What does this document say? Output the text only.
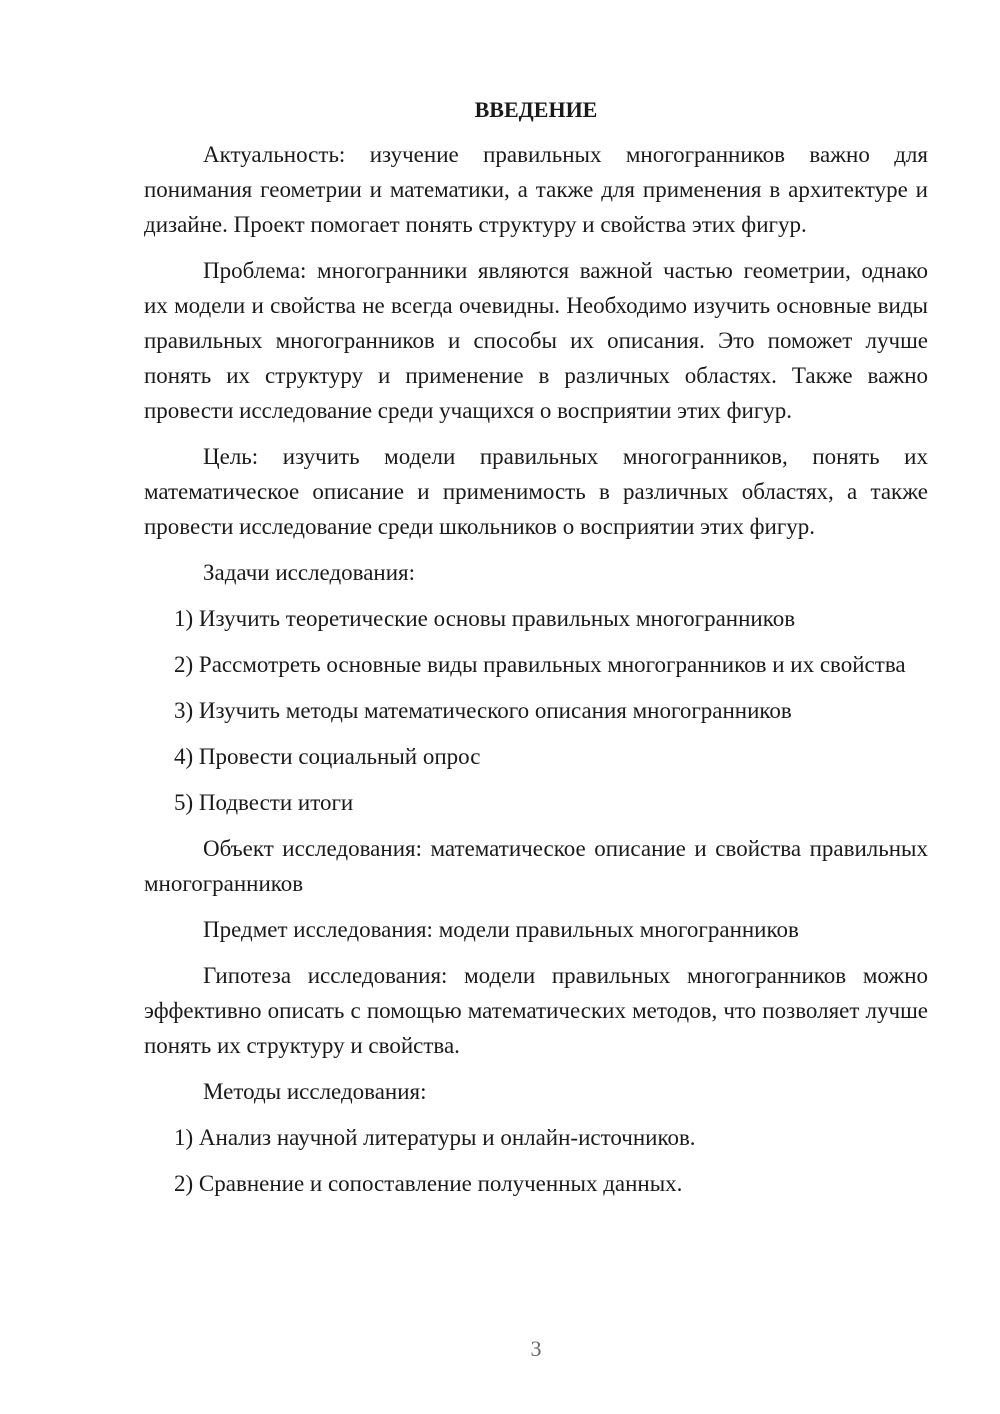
ВВЕДЕНИЕ

Актуальность: изучение правильных многогранников важно для понимания геометрии и математики, а также для применения в архитектуре и дизайне. Проект помогает понять структуру и свойства этих фигур.

Проблема: многогранники являются важной частью геометрии, однако их модели и свойства не всегда очевидны. Необходимо изучить основные виды правильных многогранников и способы их описания. Это поможет лучше понять их структуру и применение в различных областях. Также важно провести исследование среди учащихся о восприятии этих фигур.

Цель: изучить модели правильных многогранников, понять их математическое описание и применимость в различных областях, а также провести исследование среди школьников о восприятии этих фигур.

Задачи исследования:

1) Изучить теоретические основы правильных многогранников

2) Рассмотреть основные виды правильных многогранников и их свойства

3) Изучить методы математического описания многогранников

4) Провести социальный опрос

5) Подвести итоги

Объект исследования: математическое описание и свойства правильных многогранников

Предмет исследования: модели правильных многогранников

Гипотеза исследования: модели правильных многогранников можно эффективно описать с помощью математических методов, что позволяет лучше понять их структуру и свойства.

Методы исследования:

1) Анализ научной литературы и онлайн-источников.

2) Сравнение и сопоставление полученных данных.

3
